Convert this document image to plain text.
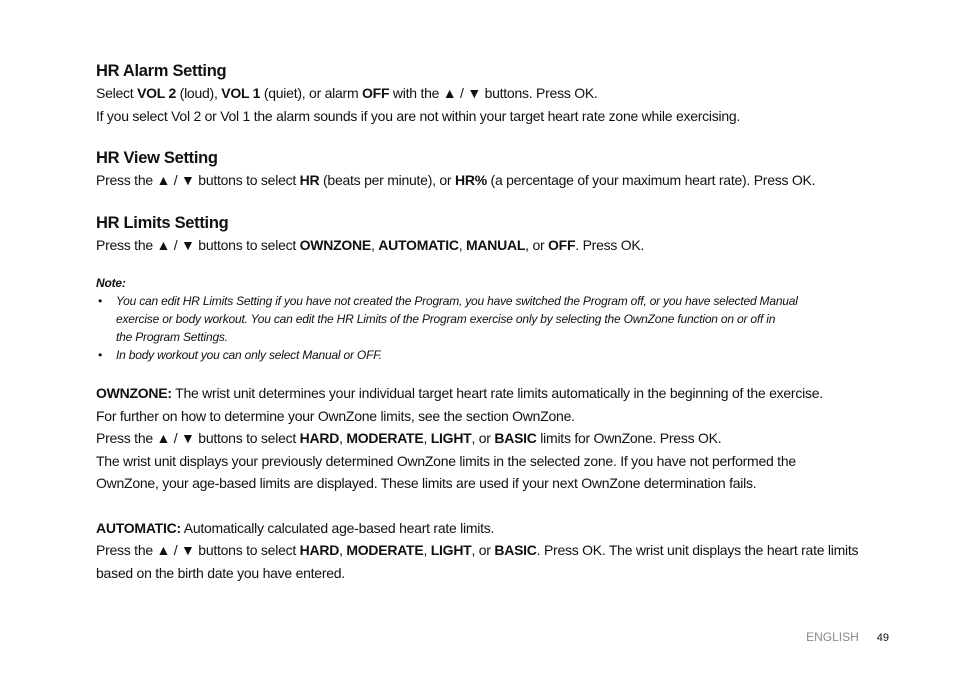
HR Alarm Setting

Select VOL 2 (loud), VOL 1 (quiet), or alarm OFF with the ▲ / ▼ buttons. Press OK.

If you select Vol 2 or Vol 1 the alarm sounds if you are not within your target heart rate zone while exercising.

HR View Setting

Press the ▲ / ▼ buttons to select HR (beats per minute), or HR% (a percentage of your maximum heart rate). Press OK.

HR Limits Setting

Press the ▲ / ▼ buttons to select OWNZONE, AUTOMATIC, MANUAL, or OFF. Press OK.

Note:

• You can edit HR Limits Setting if you have not created the Program, you have switched the Program off, or you have selected Manual
exercise or body workout. You can edit the HR Limits of the Program exercise only by selecting the OwnZone function on or off in
the Program Settings.

• In body workout you can only select Manual or OFF.

OWNZONE: The wrist unit determines your individual target heart rate limits automatically in the beginning of the exercise.

For further on how to determine your OwnZone limits, see the section OwnZone.

Press the ▲ / ▼ buttons to select HARD, MODERATE, LIGHT, or BASIC limits for OwnZone. Press OK.

The wrist unit displays your previously determined OwnZone limits in the selected zone. If you have not performed the

OwnZone, your age-based limits are displayed. These limits are used if your next OwnZone determination fails.

AUTOMATIC: Automatically calculated age-based heart rate limits.

Press the ▲ / ▼ buttons to select HARD, MODERATE, LIGHT, or BASIC. Press OK. The wrist unit displays the heart rate limits

based on the birth date you have entered.

ENGLISH 49
